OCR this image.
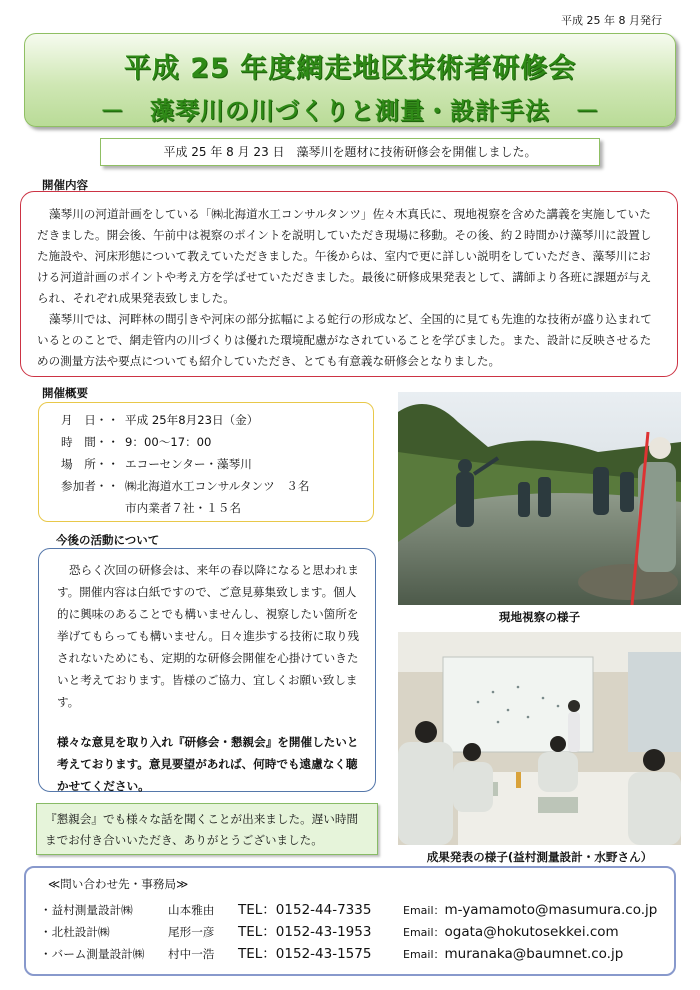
平成 25 年 8 月発行
平成 25 年度網走地区技術者研修会
－　藻琴川の川づくりと測量・設計手法　－
平成 25 年 8 月 23 日　藻琴川を題材に技術研修会を開催しました。
開催内容

藻琴川の河道計画をしている「㈱北海道水工コンサルタンツ」佐々木真氏に、現地視察を含めた講義を実施していただきました。開会後、午前中は視察のポイントを説明していただき現場に移動。その後、約２時間かけ藻琴川に設置した施設や、河床形態について教えていただきました。午後からは、室内で更に詳しい説明をしていただき、藻琴川における河道計画のポイントや考え方を学ばせていただきました。最後に研修成果発表として、講師より各班に課題が与えられ、それぞれ成果発表致しました。

藻琴川では、河畔林の間引きや河床の部分拡幅による蛇行の形成など、全国的に見ても先進的な技術が盛り込まれているとのことで、網走管内の川づくりは優れた環境配慮がなされていることを学びました。また、設計に反映させるための測量方法や要点についても紹介していただき、とても有意義な研修会となりました。

開催概要
月　日・・ 平成 25年8月23日（金）
時　間・・ 9：00〜17：00
場　所・・ エコーセンター・藻琴川
参加者・・ ㈱北海道水工コンサルタンツ　３名
市内業者７社・１５名
今後の活動について

恐らく次回の研修会は、来年の春以降になると思われます。開催内容は白紙ですので、ご意見募集致します。個人的に興味のあることでも構いませんし、視察したい箇所を挙げてもらっても構いません。日々進歩する技術に取り残されないためにも、定期的な研修会開催を心掛けていきたいと考えております。皆様のご協力、宜しくお願い致します。

様々な意見を取り入れ『研修会・懇親会』を開催したいと考えております。意見要望があれば、何時でも遠慮なく聴かせてください。

『懇親会』でも様々な話を聞くことが出来ました。遅い時間までお付き合いいただき、ありがとうございました。
現地視察の様子
成果発表の様子(益村測量設計・水野さん）
≪問い合わせ先・事務局≫
・益村測量設計㈱	山本雅由	TEL：0152-44-7335	Email：m-yamamoto@masumura.co.jp
・北杜設計㈱	尾形一彦	TEL：0152-43-1953	Email：ogata@hokutosekkei.com
・バーム測量設計㈱	村中一浩	TEL：0152-43-1575	Email：muranaka@baumnet.co.jp
